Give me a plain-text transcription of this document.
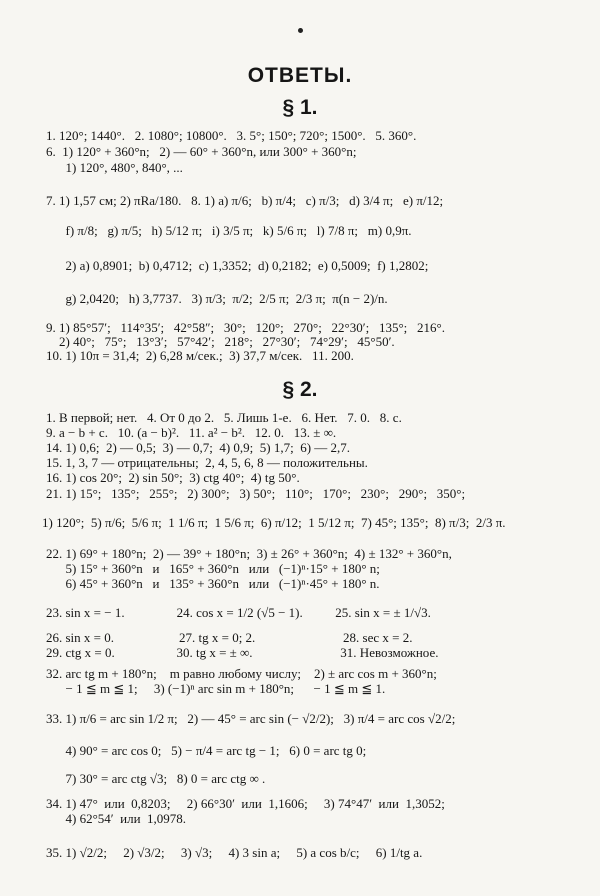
ОТВЕТЫ.
§ 1.
1. 120°; 1440°.   2. 1080°; 10800°.   3. 5°; 150°; 720°; 1500°.   5. 360°.
6.  1) 120° + 360°n;   2) — 60° + 360°n, или 300° + 360°n;
1) 120°, 480°, 840°, ...
7. 1) 1,57 см; 2) πRa/180.   8. 1) a) π/6;   b) π/4;   c) π/3;   d) 3/4 π;   e) π/12;
f) π/8;   g) π/5;   h) 5/12 π;   i) 3/5 π;   k) 5/6 π;   l) 7/8 π;   m) 0,9π.
2) a) 0,8901;  b) 0,4712;  c) 1,3352;  d) 0,2182;  e) 0,5009;  f) 1,2802;
g) 2,0420;   h) 3,7737.   3) π/3;  π/2;  2/5 π;  2/3 π;  π(n − 2)/n.
9. 1) 85°57′;   114°35′;   42°58″;   30°;   120°;   270°;   22°30′;   135°;   216°.
2) 40°;   75°;   13°3′;   57°42′;   218°;   27°30′;   74°29′;   45°50′.
10. 1) 10π = 31,4;  2) 6,28 м/сек.;  3) 37,7 м/сек.   11. 200.
§ 2.
1. В первой; нет.   4. От 0 до 2.   5. Лишь 1-е.   6. Нет.   7. 0.   8. c.
9. a − b + c.   10. (a − b)².   11. a² − b².   12. 0.   13. ± ∞.
14. 1) 0,6;  2) — 0,5;  3) — 0,7;  4) 0,9;  5) 1,7;  6) — 2,7.
15. 1, 3, 7 — отрицательны;  2, 4, 5, 6, 8 — положительны.
16. 1) cos 20°;  2) sin 50°;  3) ctg 40°;  4) tg 50°.
21. 1) 15°;   135°;   255°;   2) 300°;   3) 50°;   110°;   170°;   230°;   290°;   350°;
1) 120°;  5) π/6;  5/6 π;  1 1/6 π;  1 5/6 π;  6) π/12;  1 5/12 π;  7) 45°; 135°;  8) π/3;  2/3 π.
22. 1) 69° + 180°n;  2) — 39° + 180°n;  3) ± 26° + 360°n;  4) ± 132° + 360°n,
5) 15° + 360°n   и   165° + 360°n   или   (−1)ⁿ·15° + 180° n;
6) 45° + 360°n   и   135° + 360°n   или   (−1)ⁿ·45° + 180° n.
23. sin x = − 1.                24. cos x = 1/2 (√5 − 1).          25. sin x = ± 1/√3.
26. sin x = 0.                    27. tg x = 0; 2.                           28. sec x = 2.
29. ctg x = 0.                   30. tg x = ± ∞.                           31. Невозможное.
32. arc tg m + 180°n;    m равно любому числу;    2) ± arc cos m + 360°n;
− 1 ≦ m ≦ 1;     3) (−1)ⁿ arc sin m + 180°n;      − 1 ≦ m ≦ 1.
33. 1) π/6 = arc sin 1/2 π;   2) — 45° = arc sin (− √2/2);   3) π/4 = arc cos √2/2;
4) 90° = arc cos 0;   5) − π/4 = arc tg − 1;   6) 0 = arc tg 0;
7) 30° = arc ctg √3;   8) 0 = arc ctg ∞ .
34. 1) 47°  или  0,8203;     2) 66°30′  или  1,1606;     3) 74°47′  или  1,3052;
4) 62°54′  или  1,0978.
35. 1) √2/2;     2) √3/2;     3) √3;     4) 3 sin a;     5) a cos b/c;     6) 1/tg a.
